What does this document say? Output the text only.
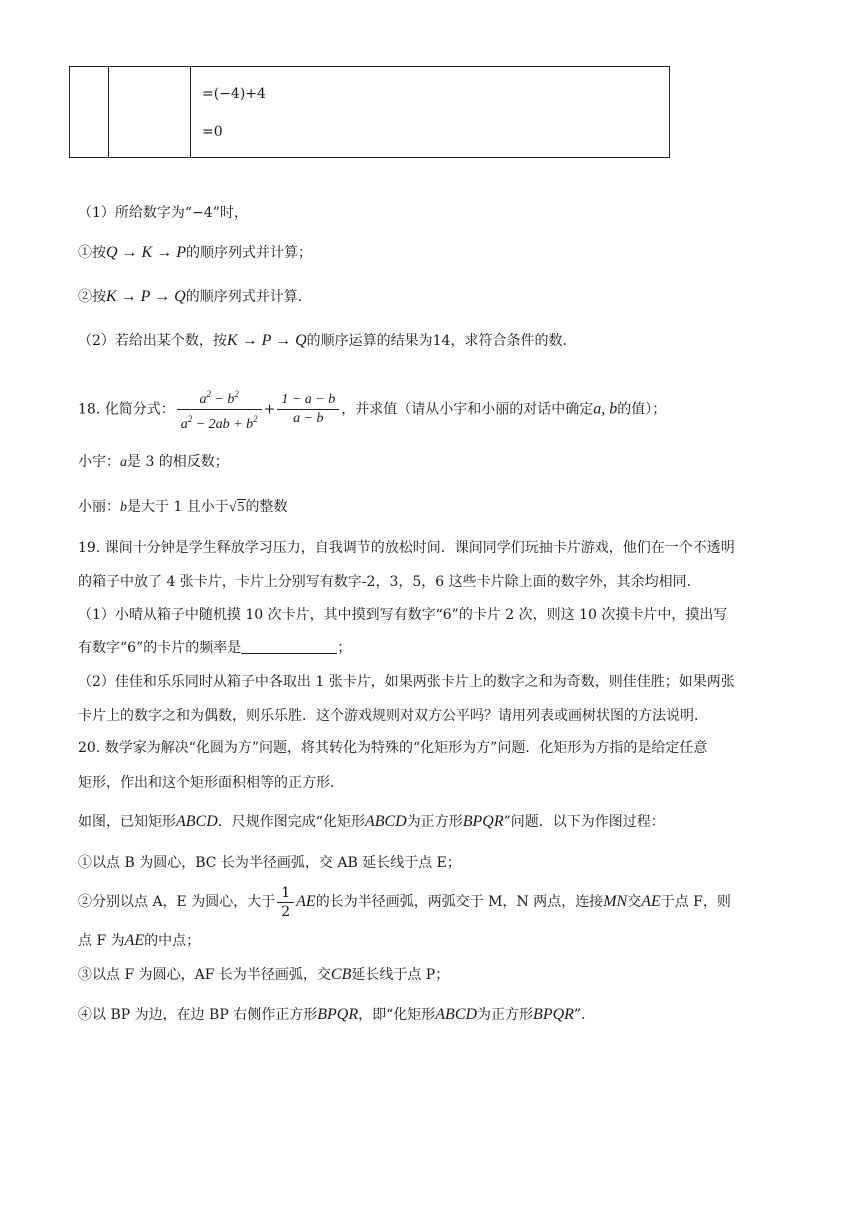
=(−4)+4
=0
（1）所给数字为“−4”时，
①按Q → K → P的顺序列式并计算；
②按K → P → Q的顺序列式并计算．
（2）若给出某个数，按K → P → Q的顺序运算的结果为14，求符合条件的数．
18. 化简分式： $\frac{a^2 - b^2}{a^2 - 2ab + b^2} + \frac{1 - a - b}{a - b}$ ，并求值（请从小宇和小丽的对话中确定a, b的值）；
小宇：a是 3 的相反数；
小丽：b是大于 1 且小于√5的整数
19. 课间十分钟是学生释放学习压力，自我调节的放松时间．课间同学们玩抽卡片游戏，他们在一个不透明
的箱子中放了 4 张卡片，卡片上分别写有数字-2，3，5，6 这些卡片除上面的数字外，其余均相同．
（1）小晴从箱子中随机摸 10 次卡片，其中摸到写有数字“6”的卡片 2 次，则这 10 次摸卡片中，摸出写
有数字“6”的卡片的频率是	；
（2）佳佳和乐乐同时从箱子中各取出 1 张卡片，如果两张卡片上的数字之和为奇数，则佳佳胜；如果两张
卡片上的数字之和为偶数，则乐乐胜．这个游戏规则对双方公平吗？请用列表或画树状图的方法说明．
20. 数学家为解决“化圆为方”问题，将其转化为特殊的“化矩形为方”问题．化矩形为方指的是给定任意
矩形，作出和这个矩形面积相等的正方形．
如图，已知矩形ABCD．尺规作图完成“化矩形ABCD为正方形BPQR”问题．以下为作图过程：
①以点 B 为圆心，BC 长为半径画弧，交 AB 延长线于点 E；
②分别以点 A，E 为圆心，大于 $\frac{1}{2}$ AE的长为半径画弧，两弧交于 M，N 两点，连接MN交AE于点 F，则
点 F 为AE的中点；
③以点 F 为圆心，AF 长为半径画弧，交CB延长线于点 P；
④以 BP 为边，在边 BP 右侧作正方形BPQR，即“化矩形ABCD为正方形BPQR”．
